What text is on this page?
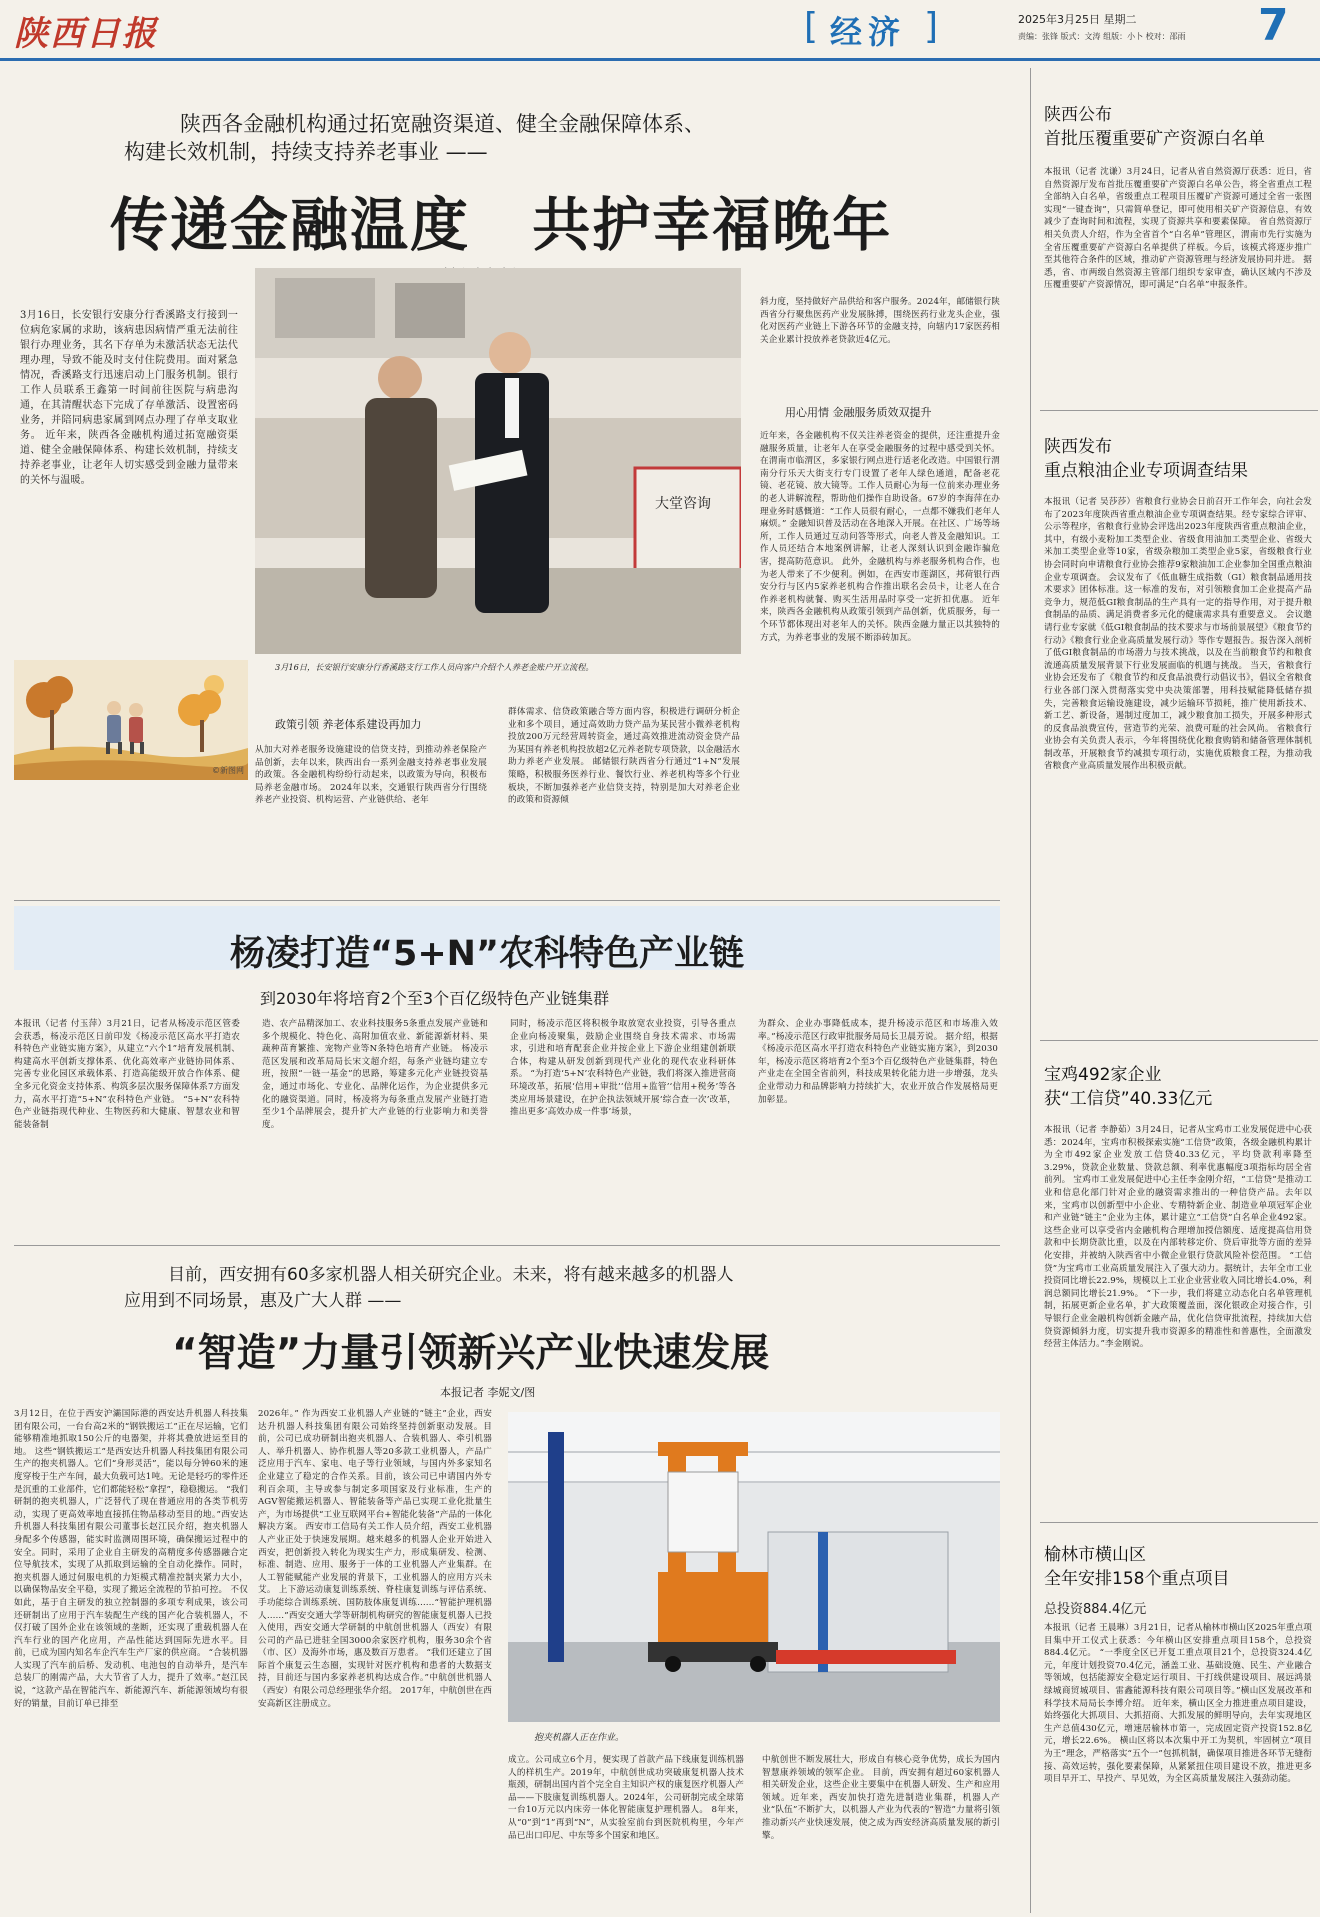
陕西日报	[ 经济 ]	2025年3月25日 星期二
责编：张锋 版式：文涛 组版：小卜 校对：邵雨 7
陕西各金融机构通过拓宽融资渠道、健全金融保障体系、
构建长效机制，持续支持养老事业 ——
传递金融温度 共护幸福晚年
3月16日，长安银行安康分行香溪路支行接到一位病危家属的求助，该病患因病情严重无法前往银行办理业务，其名下存单为未激活状态无法代理办理，导致不能及时支付住院费用。面对紧急情况，香溪路支行迅速启动上门服务机制。银行工作人员联系王鑫第一时间前往医院与病患沟通，在其清醒状态下完成了存单激活、设置密码业务，并陪同病患家属到网点办理了存单支取业务。 近年来，陕西各金融机构通过拓宽融资渠道、健全金融保障体系、构建长效机制，持续支持养老事业，让老年人切实感受到金融力量带来的关怀与温暖。
©新图网
大堂咨询
3月16日，长安银行安康分行香溪路支行工作人员向客户介绍个人养老金账户开立流程。
斜力度，坚持做好产品供给和客户服务。2024年，邮储银行陕西省分行聚焦医药产业发展脉搏，围绕医药行业龙头企业，强化对医药产业链上下游各环节的金融支持，向辖内17家医药相关企业累计投放养老贷款近4亿元。
用心用情 金融服务质效双提升
近年来，各金融机构不仅关注养老资金的提供，还注重提升金融服务质量，让老年人在享受金融服务的过程中感受到关怀。 在渭南市临渭区，多家银行网点进行适老化改造。中国银行渭南分行乐天大街支行专门设置了老年人绿色通道，配备老花镜、老花镜、放大镜等。工作人员耐心为每一位前来办理业务的老人讲解流程，帮助他们操作自助设备。67岁的李海萍在办理业务时感慨道：“工作人员很有耐心，一点都不嫌我们老年人麻烦。” 金融知识普及活动在各地深入开展。在社区、广场等场所，工作人员通过互动问答等形式，向老人普及金融知识。工作人员还结合本地案例讲解，让老人深刻认识到金融诈骗危害，提高防范意识。 此外，金融机构与养老服务机构合作，也为老人带来了不少便利。例如，在西安市莲湖区，邦荷银行西安分行与区内5家养老机构合作推出联名会员卡，让老人在合作养老机构就餐、购买生活用品时享受一定折扣优惠。 近年来，陕西各金融机构从政策引领到产品创新，优质服务，每一个环节都体现出对老年人的关怀。陕西金融力量正以其独特的方式，为养老事业的发展不断添砖加瓦。
政策引领 养老体系建设再加力
从加大对养老服务设施建设的信贷支持，到推动养老保险产品创新，去年以来，陕西出台一系列金融支持养老事业发展的政策。各金融机构纷纷行动起来，以政策为导向，积极布局养老金融市场。 2024年以来，交通银行陕西省分行围绕养老产业投资、机构运营、产业链供给、老年
群体需求、信贷政策融合等方面内容，积极进行调研分析企业和多个项目，通过高效助力贷产品为某民营小微养老机构投放200万元经营周转资金，通过高效推进流动资金贷产品为某国有养老机构投放超2亿元养老院专项贷款，以金融活水助力养老产业发展。 邮储银行陕西省分行通过“1+N”发展策略，积极服务医养行业、餐饮行业、养老机构等多个行业板块，不断加强养老产业信贷支持，特别是加大对养老企业的政策和资源倾
杨凌打造“5+N”农科特色产业链
到2030年将培育2个至3个百亿级特色产业链集群
本报讯（记者 付玉萍）3月21日，记者从杨凌示范区管委会获悉，杨凌示范区日前印发《杨凌示范区高水平打造农科特色产业链实施方案》，从建立“六个1”培育发展机制、构建高水平创新支撑体系、优化高效率产业链协同体系、完善专业化园区承载体系、打造高能级开放合作体系、健全多元化资金支持体系、构筑多层次服务保障体系7方面发力，高水平打造“5+N”农科特色产业链。 “5+N”农科特色产业链指现代种业、生物医药和大健康、智慧农业和智能装备制
造、农产品精深加工、农业科技服务5条重点发展产业链和多个规模化、特色化、高附加值农业、新能源新材料、果蔬种苗育繁推、宠物产业等N条特色培育产业链。 杨凌示范区发展和改革局局长宋文超介绍，每条产业链均建立专班，按照“一链一基金”的思路，筹建多元化产业链投资基金，通过市场化、专业化、品牌化运作，为企业提供多元化的融资渠道。同时，杨凌将为每条重点发展产业链打造至少1个品牌展会，提升扩大产业链的行业影响力和美誉度。
同时，杨凌示范区将积极争取放宽农业投资，引导各重点企业向杨凌聚集，鼓励企业围绕自身技术需求、市场需求，引进和培育配套企业并按企业上下游企业组建创新联合体，构建从研发创新到现代产业化的现代农业科研体系。 “为打造‘5+N’农科特色产业链，我们将深入推进营商环境改革，拓展‘信用+审批’‘信用+监管’‘信用+税务’等各类应用场景建设，在护企执法领域开展‘综合查一次’改革，推出更多‘高效办成一件事’场景，
为群众、企业办事降低成本，提升杨凌示范区和市场准入效率。”杨凌示范区行政审批服务局局长卫晨芳说。 据介绍，根据《杨凌示范区高水平打造农科特色产业链实施方案》，到2030年，杨凌示范区将培育2个至3个百亿级特色产业链集群，特色产业走在全国全省前列，科技成果转化能力进一步增强，龙头企业带动力和品牌影响力持续扩大，农业开放合作发展格局更加彰显。
目前，西安拥有60多家机器人相关研究企业。未来，将有越来越多的机器人
应用到不同场景，惠及广大人群 ——
“智造”力量引领新兴产业快速发展
本报记者 李妮文/图
3月12日，在位于西安沪灞国际港的西安达升机器人科技集团有限公司，一台台高2米的“钢铁搬运工”正在尽运输，它们能够精准地抓取150公斤的电器架，并将其叠放进运至目的地。 这些“钢铁搬运工”是西安达升机器人科技集团有限公司生产的抱夹机器人。它们“身形灵活”，能以每分钟60米的速度穿梭于生产车间，最大负载可达1吨。无论是轻巧的零件还是沉重的工业部件，它们都能轻松“拿捏”，稳稳搬运。 “我们研制的抱夹机器人，广泛替代了现在普通应用的各类节机劳动，实现了更高效率地直接抓住物品移动至目的地。”西安达升机器人科技集团有限公司董事长赵江民介绍，抱夹机器人身配多个传感器，能实时监测周围环境，确保搬运过程中的安全。同时，采用了企业自主研发的高精度多传感器融合定位导航技术，实现了从抓取到运输的全自动化操作。同时，抱夹机器人通过伺服电机的力矩模式精准控制夹紧力大小，以确保物品安全平稳，实现了搬运全流程的节拍可控。 不仅如此，基于自主研发的独立控制器的多项专利成果，该公司还研制出了应用于汽车装配生产线的国产化合装机器人，不仅打破了国外企业在该领域的垄断，还实现了重载机器人在汽车行业的国产化应用，产品性能达到国际先进水平。目前，已成为国内知名车企汽车生产厂家的供应商。 “合装机器人实现了汽车前后桥、发动机、电池包的自动举升，是汽车总装厂的刚需产品，大大节省了人力，提升了效率。”赵江民说，“这款产品在智能汽车、新能源汽车、新能源领域均有很好的销量，目前订单已排至
2026年。” 作为西安工业机器人产业链的“链主”企业，西安达升机器人科技集团有限公司始终坚持创新驱动发展。目前，公司已成功研制出抱夹机器人、合装机器人、牵引机器人、举升机器人、协作机器人等20多款工业机器人，产品广泛应用于汽车、家电、电子等行业领域，与国内外多家知名企业建立了稳定的合作关系。目前，该公司已申请国内外专利百余项，主导或参与制定多项国家及行业标准，生产的AGV智能搬运机器人、智能装备等产品已实现工业化批量生产，为市场提供“工业互联网平台+智能化装备”产品的一体化解决方案。 西安市工信局有关工作人员介绍，西安工业机器人产业正处于快速发展期。越来越多的机器人企业开始进入西安，把创新投入转化为现实生产力，形成集研发、检测、标准、制造、应用、服务于一体的工业机器人产业集群。在人工智能赋能产业发展的背景下，工业机器人的应用方兴未艾。 上下游运动康复训练系统、脊柱康复训练与评估系统、手功能综合训练系统、国防肢体康复训练……“智能护理机器人……”西安交通大学等研制机构研究的智能康复机器人已投入使用，西安交通大学研制的中航创世机器人（西安）有限公司的产品已进驻全国3000余家医疗机构，服务30余个省（市、区）及海外市场，惠及数百万患者。 “我们还建立了国际首个康复云生态圈，实现针对医疗机构和患者的大数据支持，目前还与国内多家养老机构达成合作。”中航创世机器人（西安）有限公司总经理张华介绍。 2017年，中航创世在西安高新区注册成立。
抱夹机器人正在作业。
成立。公司成立6个月，便实现了首款产品下线康复训练机器人的样机生产。2019年，中航创世成功突破康复机器人技术瓶颈，研制出国内首个完全自主知识产权的康复医疗机器人产品——下肢康复训练机器人。2024年，公司研制完成全球第一台10万元以内床旁一体化智能康复护理机器人。 8年来，从“0”到“1”再到“N”，从实验室前台到医院机构里，今年产品已出口印尼、中东等多个国家和地区。
中航创世不断发展壮大，形成自有核心竞争优势，成长为国内智慧康养领域的领军企业。 目前，西安拥有超过60家机器人相关研发企业，这些企业主要集中在机器人研发、生产和应用领域。近年来，西安加快打造先进制造业集群，机器人产业“队伍”不断扩大，以机器人产业为代表的“智造”力量将引领推动新兴产业快速发展，使之成为西安经济高质量发展的新引擎。
陕西公布
首批压覆重要矿产资源白名单
本报讯（记者 沈谦）3月24日，记者从省自然资源厅获悉：近日，省自然资源厅发布首批压覆重要矿产资源白名单公告，将全省重点工程全部纳入白名单，省级重点工程项目压覆矿产资源可通过全省一张图实现“一键查询”，只需简单登记，即可使用相关矿产资源信息，有效减少了查询时间和流程，实现了资源共享和要素保障。 省自然资源厅相关负责人介绍，作为全省首个“白名单”管理区，渭南市先行实施为全省压覆重要矿产资源白名单提供了样板。今后，该模式将逐步推广至其他符合条件的区域，推动矿产资源管理与经济发展协同并进。 据悉，省、市两级自然资源主管部门组织专家审查，确认区域内不涉及压覆重要矿产资源情况，即可满足“白名单”申报条件。
陕西发布
重点粮油企业专项调查结果
本报讯（记者 吴莎莎）省粮食行业协会日前召开工作年会，向社会发布了2023年度陕西省重点粮油企业专项调查结果。经专家综合评审、公示等程序，省粮食行业协会评选出2023年度陕西省重点粮油企业，其中，有级小麦粉加工类型企业、省级食用油加工类型企业、省级大米加工类型企业等10家，省级杂粮加工类型企业5家，省级粮食行业协会同时向申请粮食行业协会推荐9家粮油加工企业参加全国重点粮油企业专项调查。 会议发布了《低血糖生成指数（GI）粮食制品通用技术要求》团体标准。这一标准的发布，对引领粮食加工企业提高产品竞争力，规范低GI粮食制品的生产具有一定的指导作用，对于提升粮食制品的品质、满足消费者多元化的健康需求具有重要意义。 会议邀请行业专家就《低GI粮食制品的技术要求与市场前景展望》《粮食节约行动》《粮食行业企业高质量发展行动》等作专题报告。报告深入剖析了低GI粮食制品的市场潜力与技术挑战，以及在当前粮食节约和粮食流通高质量发展背景下行业发展面临的机遇与挑战。 当天，省粮食行业协会还发布了《粮食节约和反食品浪费行动倡议书》，倡议全省粮食行业各部门深入贯彻落实党中央决策部署，用科技赋能降低储存损失，完善粮食运输设施建设，减少运输环节损耗，推广使用新技术、新工艺、新设备，遏制过度加工，减少粮食加工损失，开展多种形式的反食品浪费宣传，营造节约光荣、浪费可耻的社会风尚。 省粮食行业协会有关负责人表示，今年将围绕优化粮食购销和储备管理体制机制改革，开展粮食节约减损专项行动，实施优质粮食工程，为推动我省粮食产业高质量发展作出积极贡献。
宝鸡492家企业
获“工信贷”40.33亿元
本报讯（记者 李静茹）3月24日，记者从宝鸡市工业发展促进中心获悉：2024年，宝鸡市积极探索实施“工信贷”政策，各级金融机构累计为全市492家企业发放工信贷40.33亿元，平均贷款利率降至3.29%，贷款企业数量、贷款总额、利率优惠幅度3项指标均居全省前列。 宝鸡市工业发展促进中心主任李金刚介绍，“工信贷”是推动工业和信息化部门针对企业的融资需求推出的一种信贷产品。去年以来，宝鸡市以创新型中小企业、专精特新企业、制造业单项冠军企业和产业链“链主”企业为主体，累计建立“工信贷”白名单企业492家。这些企业可以享受省内金融机构合理增加授信额度、适度提高信用贷款和中长期贷款比重，以及在内部转移定价、贷后审批等方面的差异化安排，并被纳入陕西省中小微企业银行贷款风险补偿范围。 “工信贷”为宝鸡市工业高质量发展注入了强大动力。据统计，去年全市工业投资同比增长22.9%，规模以上工业企业营业收入同比增长4.0%，利润总额同比增长21.9%。 “下一步，我们将建立动态化白名单管理机制，拓展更新企业名单，扩大政策覆盖面，深化银政企对接合作，引导银行企业金融机构创新金融产品，优化信贷审批流程，持续加大信贷资源倾斜力度，切实提升我市资源多的精准性和普惠性，全面激发经营主体活力。”李金刚说。
榆林市横山区
全年安排158个重点项目
总投资884.4亿元
本报讯（记者 王晨琳）3月21日，记者从榆林市横山区2025年重点项目集中开工仪式上获悉：今年横山区安排重点项目158个，总投资884.4亿元。 “一季度全区已开复工重点项目21个，总投资324.4亿元，年度计划投资70.4亿元，涵盖工业、基础设施、民生、产业融合等领域，包括能源安全稳定运行项目、干打线供建设项目、展远鸿景绿城商贸城项目、雷鑫能源科技有限公司项目等。”横山区发展改革和科学技术局局长李博介绍。 近年来，横山区全力推进重点项目建设，始终强化大抓项目、大抓招商、大抓发展的鲜明导向，去年实现地区生产总值430亿元，增速居榆林市第一，完成固定资产投资152.8亿元，增长22.6%。 横山区将以本次集中开工为契机，牢固树立“项目为王”理念，严格落实“五个一”包抓机制，确保项目推进各环节无缝衔接、高效运转，强化要素保障，从紧紧扭住项目建设不放，推进更多项目早开工、早投产、早见效，为全区高质量发展注入强劲动能。
